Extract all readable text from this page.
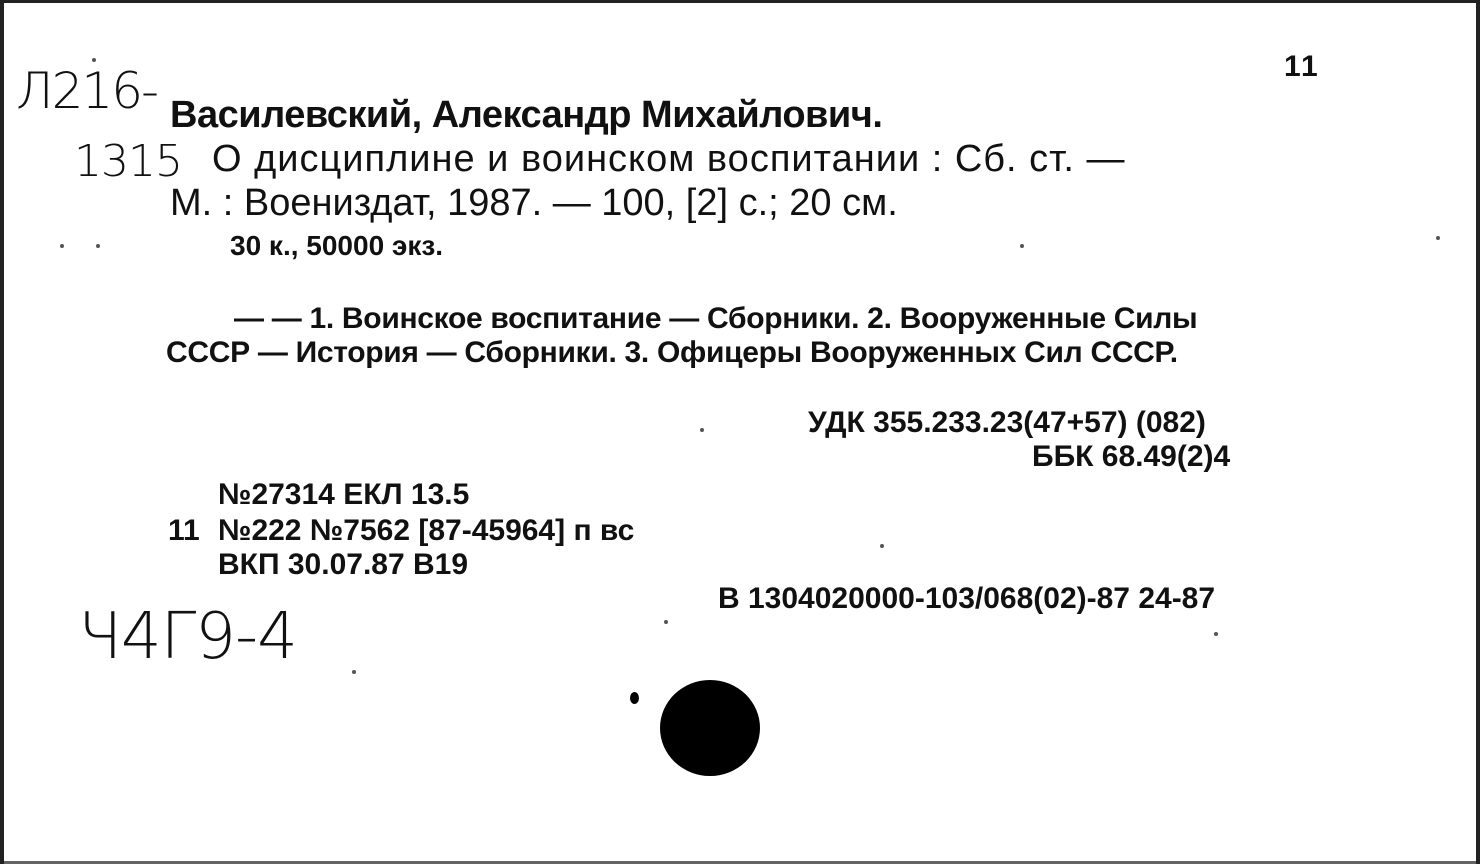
11
Л216-
1315
Василевский, Александр Михайлович.
О дисциплине и воинском воспитании : Сб. ст. —
М. : Воениздат, 1987. — 100, [2] с.; 20 см.
30 к., 50000 экз.
— — 1. Воинское воспитание — Сборники. 2. Вооруженные Силы
СССР — История — Сборники. 3. Офицеры Вооруженных Сил СССР.
УДК 355.233.23(47+57) (082)
ББК 68.49(2)4
№27314 ЕКЛ 13.5
11 №222 №7562 [87-45964] п вс
ВКП 30.07.87 В19
В 1304020000-103/068(02)-87 24-87
Ч4Г9-4
